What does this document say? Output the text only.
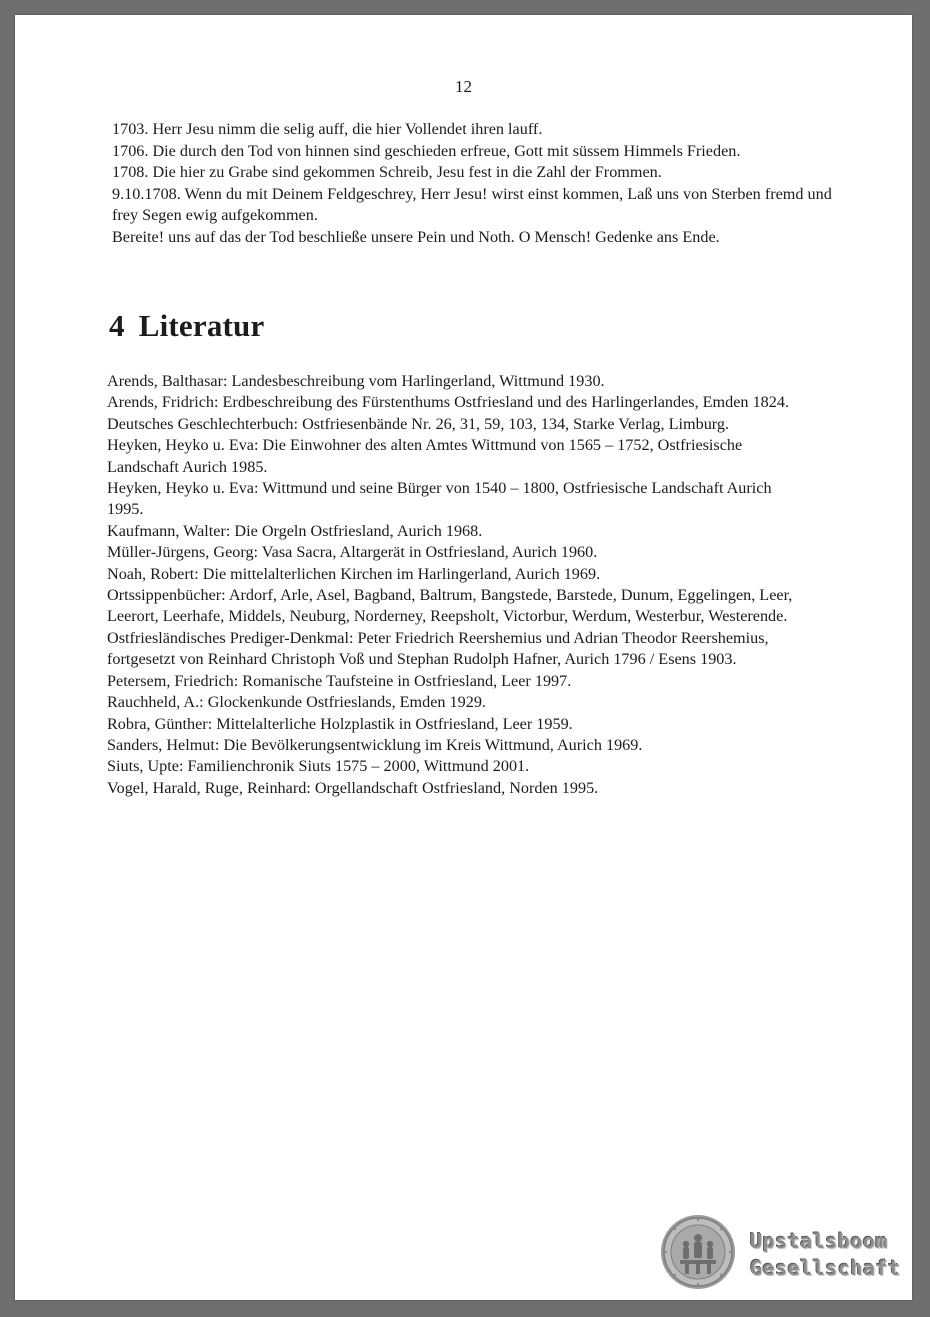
12

1703. Herr Jesu nimm die selig auff, die hier Vollendet ihren lauff.

1706. Die durch den Tod von hinnen sind geschieden erfreue, Gott mit süssem Himmels Frieden.

1708. Die hier zu Grabe sind gekommen Schreib, Jesu fest in die Zahl der Frommen.

9.10.1708. Wenn du mit Deinem Feldgeschrey, Herr Jesu! wirst einst kommen, Laß uns von Sterben fremd und frey Segen ewig aufgekommen.

Bereite! uns auf das der Tod beschließe unsere Pein und Noth. O Mensch! Gedenke ans Ende.

4 Literatur
Arends, Balthasar: Landesbeschreibung vom Harlingerland, Wittmund 1930.
Arends, Fridrich: Erdbeschreibung des Fürstenthums Ostfriesland und des Harlingerlandes, Emden 1824.
Deutsches Geschlechterbuch: Ostfriesenbände Nr. 26, 31, 59, 103, 134, Starke Verlag, Limburg.
Heyken, Heyko u. Eva: Die Einwohner des alten Amtes Wittmund von 1565 – 1752, Ostfriesische Landschaft Aurich 1985.
Heyken, Heyko u. Eva: Wittmund und seine Bürger von 1540 – 1800, Ostfriesische Landschaft Aurich 1995.
Kaufmann, Walter: Die Orgeln Ostfriesland, Aurich 1968.
Müller-Jürgens, Georg: Vasa Sacra, Altargerät in Ostfriesland, Aurich 1960.
Noah, Robert: Die mittelalterlichen Kirchen im Harlingerland, Aurich 1969.
Ortssippenbücher: Ardorf, Arle, Asel, Bagband, Baltrum, Bangstede, Barstede, Dunum, Eggelingen, Leer, Leerort, Leerhafe, Middels, Neuburg, Norderney, Reepsholt, Victorbur, Werdum, Westerbur, Westerende.
Ostfriesländisches Prediger-Denkmal: Peter Friedrich Reershemius und Adrian Theodor Reershemius, fortgesetzt von Reinhard Christoph Voß und Stephan Rudolph Hafner, Aurich 1796 / Esens 1903.
Petersem, Friedrich: Romanische Taufsteine in Ostfriesland, Leer 1997.
Rauchheld, A.: Glockenkunde Ostfrieslands, Emden 1929.
Robra, Günther: Mittelalterliche Holzplastik in Ostfriesland, Leer 1959.
Sanders, Helmut: Die Bevölkerungsentwicklung im Kreis Wittmund, Aurich 1969.
Siuts, Upte: Familienchronik Siuts 1575 – 2000, Wittmund 2001.
Vogel, Harald, Ruge, Reinhard: Orgellandschaft Ostfriesland, Norden 1995.
Upstalsboom
Gesellschaft
